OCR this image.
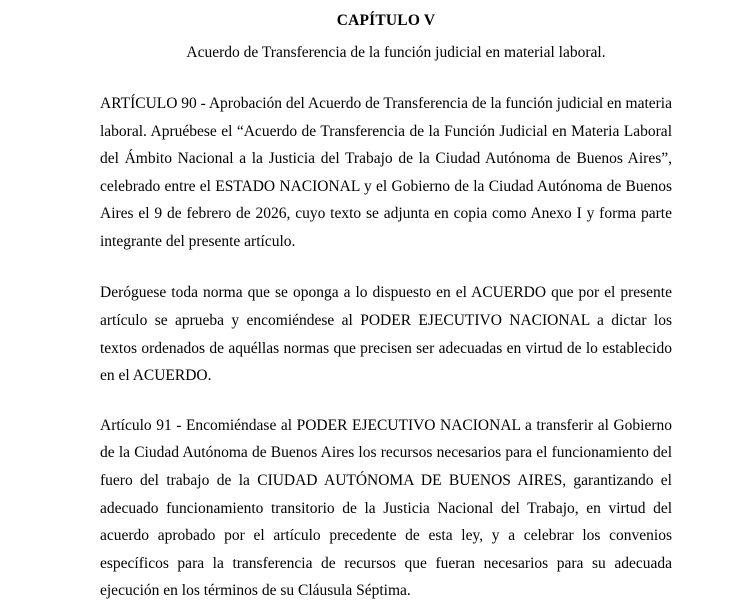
CAPÍTULO V
Acuerdo de Transferencia de la función judicial en material laboral.

ARTÍCULO 90 - Aprobación del Acuerdo de Transferencia de la función judicial en materia laboral. Apruébese el “Acuerdo de Transferencia de la Función Judicial en Materia Laboral del Ámbito Nacional a la Justicia del Trabajo de la Ciudad Autónoma de Buenos Aires”, celebrado entre el ESTADO NACIONAL y el Gobierno de la Ciudad Autónoma de Buenos Aires el 9 de febrero de 2026, cuyo texto se adjunta en copia como Anexo I y forma parte integrante del presente artículo.

Deróguese toda norma que se oponga a lo dispuesto en el ACUERDO que por el presente artículo se aprueba y encomiéndese al PODER EJECUTIVO NACIONAL a dictar los textos ordenados de aquéllas normas que precisen ser adecuadas en virtud de lo establecido en el ACUERDO.

Artículo 91 - Encomiéndase al PODER EJECUTIVO NACIONAL a transferir al Gobierno de la Ciudad Autónoma de Buenos Aires los recursos necesarios para el funcionamiento del fuero del trabajo de la CIUDAD AUTÓNOMA DE BUENOS AIRES, garantizando el adecuado funcionamiento transitorio de la Justicia Nacional del Trabajo, en virtud del acuerdo aprobado por el artículo precedente de esta ley, y a celebrar los convenios específicos para la transferencia de recursos que fueran necesarios para su adecuada ejecución en los términos de su Cláusula Séptima.
